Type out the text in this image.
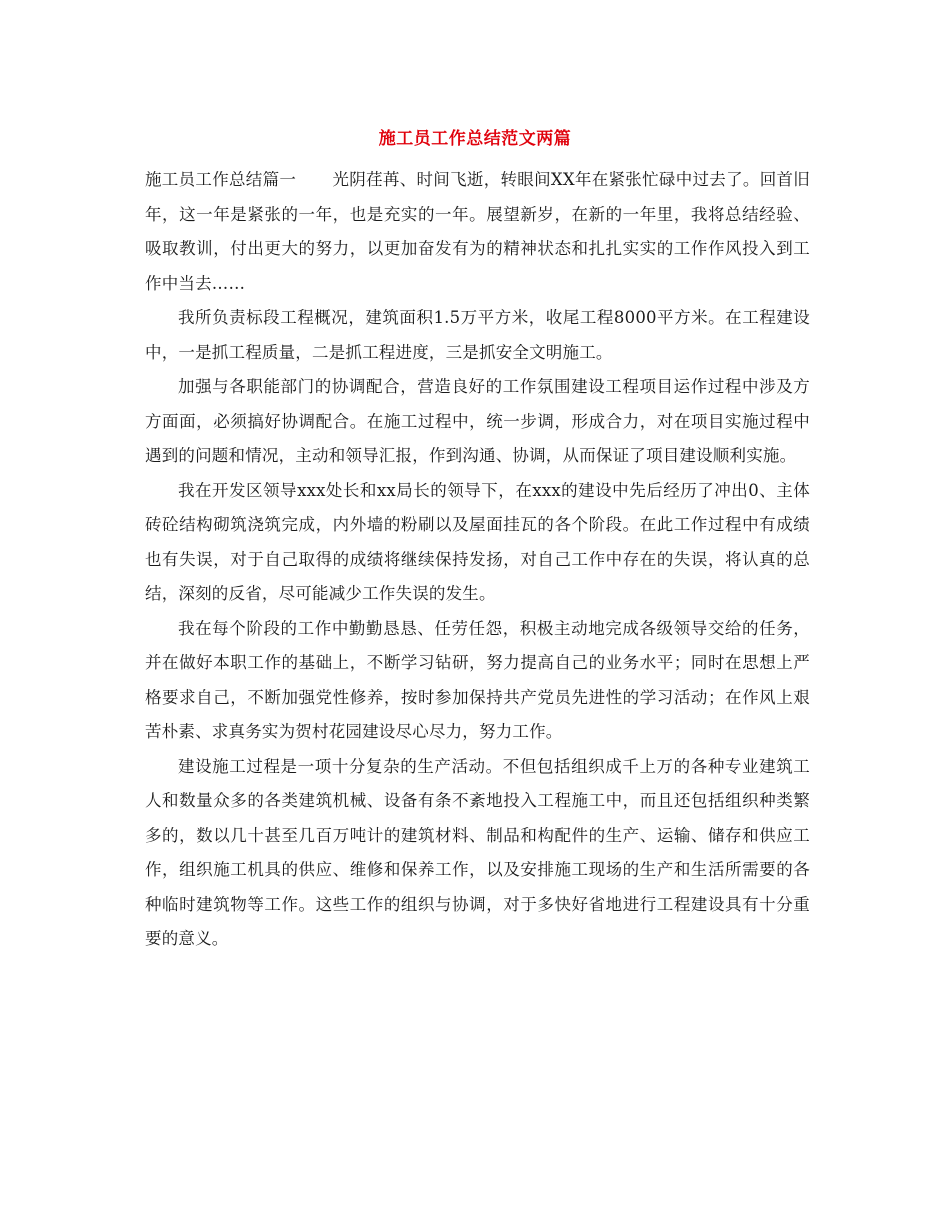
施工员工作总结范文两篇

施工员工作总结篇一 光阴荏苒、时间飞逝，转眼间XX年在紧张忙碌中过去了。回首旧年，这一年是紧张的一年，也是充实的一年。展望新岁，在新的一年里，我将总结经验、吸取教训，付出更大的努力，以更加奋发有为的精神状态和扎扎实实的工作作风投入到工作中当去……

我所负责标段工程概况，建筑面积1.5万平方米，收尾工程8000平方米。在工程建设中，一是抓工程质量，二是抓工程进度，三是抓安全文明施工。

加强与各职能部门的协调配合，营造良好的工作氛围建设工程项目运作过程中涉及方方面面，必须搞好协调配合。在施工过程中，统一步调，形成合力，对在项目实施过程中遇到的问题和情况，主动和领导汇报，作到沟通、协调，从而保证了项目建设顺利实施。

我在开发区领导xxx处长和xx局长的领导下，在xxx的建设中先后经历了冲出0、主体砖砼结构砌筑浇筑完成，内外墙的粉刷以及屋面挂瓦的各个阶段。在此工作过程中有成绩也有失误，对于自己取得的成绩将继续保持发扬，对自己工作中存在的失误，将认真的总结，深刻的反省，尽可能减少工作失误的发生。

我在每个阶段的工作中勤勤恳恳、任劳任怨，积极主动地完成各级领导交给的任务，并在做好本职工作的基础上，不断学习钻研，努力提高自己的业务水平；同时在思想上严格要求自己，不断加强党性修养，按时参加保持共产党员先进性的学习活动；在作风上艰苦朴素、求真务实为贺村花园建设尽心尽力，努力工作。

建设施工过程是一项十分复杂的生产活动。不但包括组织成千上万的各种专业建筑工人和数量众多的各类建筑机械、设备有条不紊地投入工程施工中，而且还包括组织种类繁多的，数以几十甚至几百万吨计的建筑材料、制品和构配件的生产、运输、储存和供应工作，组织施工机具的供应、维修和保养工作，以及安排施工现场的生产和生活所需要的各种临时建筑物等工作。这些工作的组织与协调，对于多快好省地进行工程建设具有十分重要的意义。
